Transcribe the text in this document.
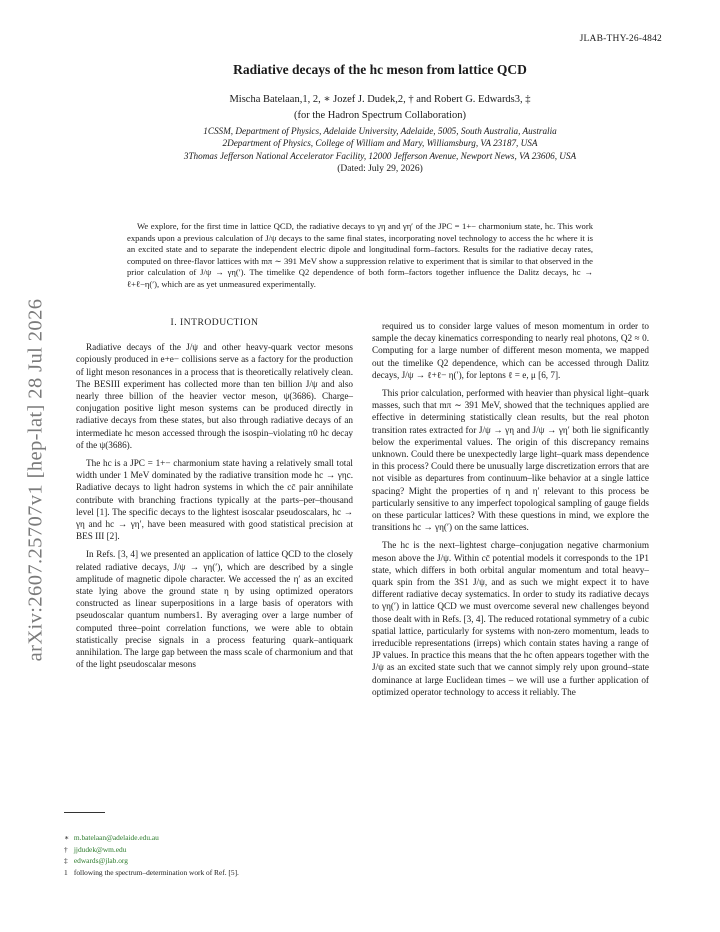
JLAB-THY-26-4842
arXiv:2607.25707v1 [hep-lat] 28 Jul 2026
Radiative decays of the hc meson from lattice QCD
Mischa Batelaan,1, 2, ∗ Jozef J. Dudek,2, † and Robert G. Edwards3, ‡
(for the Hadron Spectrum Collaboration)
1CSSM, Department of Physics, Adelaide University, Adelaide, 5005, South Australia, Australia
2Department of Physics, College of William and Mary, Williamsburg, VA 23187, USA
3Thomas Jefferson National Accelerator Facility, 12000 Jefferson Avenue, Newport News, VA 23606, USA
(Dated: July 29, 2026)
We explore, for the first time in lattice QCD, the radiative decays to γη and γη′ of the JPC = 1+− charmonium state, hc. This work expands upon a previous calculation of J/ψ decays to the same final states, incorporating novel technology to access the hc where it is an excited state and to separate the independent electric dipole and longitudinal form–factors. Results for the radiative decay rates, computed on three-flavor lattices with mπ ∼ 391 MeV show a suppression relative to experiment that is similar to that observed in the prior calculation of J/ψ → γη(′). The timelike Q2 dependence of both form–factors together influence the Dalitz decays, hc → ℓ+ℓ−η(′), which are as yet unmeasured experimentally.

I. INTRODUCTION

Radiative decays of the J/ψ and other heavy-quark vector mesons copiously produced in e+e− collisions serve as a factory for the production of light meson resonances in a process that is theoretically relatively clean. The BESIII experiment has collected more than ten billion J/ψ and also nearly three billion of the heavier vector meson, ψ(3686). Charge–conjugation positive light meson systems can be produced directly in radiative decays from these states, but also through radiative decays of an intermediate hc meson accessed through the isospin–violating π0 hc decay of the ψ(3686).

The hc is a JPC = 1+− charmonium state having a relatively small total width under 1 MeV dominated by the radiative transition mode hc → γηc. Radiative decays to light hadron systems in which the cc̄ pair annihilate contribute with branching fractions typically at the parts–per–thousand level [1]. The specific decays to the lightest isoscalar pseudoscalars, hc → γη and hc → γη′, have been measured with good statistical precision at BES III [2].

In Refs. [3, 4] we presented an application of lattice QCD to the closely related radiative decays, J/ψ → γη(′), which are described by a single amplitude of magnetic dipole character. We accessed the η′ as an excited state lying above the ground state η by using optimized operators constructed as linear superpositions in a large basis of operators with pseudoscalar quantum numbers1. By averaging over a large number of computed three–point correlation functions, we were able to obtain statistically precise signals in a process featuring quark–antiquark annihilation. The large gap between the mass scale of charmonium and that of the light pseudoscalar mesons

required us to consider large values of meson momentum in order to sample the decay kinematics corresponding to nearly real photons, Q2 ≈ 0. Computing for a large number of different meson momenta, we mapped out the timelike Q2 dependence, which can be accessed through Dalitz decays, J/ψ → ℓ+ℓ− η(′), for leptons ℓ = e, μ [6, 7].

This prior calculation, performed with heavier than physical light–quark masses, such that mπ ∼ 391 MeV, showed that the techniques applied are effective in determining statistically clean results, but the real photon transition rates extracted for J/ψ → γη and J/ψ → γη′ both lie significantly below the experimental values. The origin of this discrepancy remains unknown. Could there be unexpectedly large light–quark mass dependence in this process? Could there be unusually large discretization errors that are not visible as departures from continuum–like behavior at a single lattice spacing? Might the properties of η and η′ relevant to this process be particularly sensitive to any imperfect topological sampling of gauge fields on these particular lattices? With these questions in mind, we explore the transitions hc → γη(′) on the same lattices.

The hc is the next–lightest charge–conjugation negative charmonium meson above the J/ψ. Within cc̄ potential models it corresponds to the 1P1 state, which differs in both orbital angular momentum and total heavy–quark spin from the 3S1 J/ψ, and as such we might expect it to have different radiative decay systematics. In order to study its radiative decays to γη(′) in lattice QCD we must overcome several new challenges beyond those dealt with in Refs. [3, 4]. The reduced rotational symmetry of a cubic spatial lattice, particularly for systems with non-zero momentum, leads to irreducible representations (irreps) which contain states having a range of JP values. In practice this means that the hc often appears together with the J/ψ as an excited state such that we cannot simply rely upon ground–state dominance at large Euclidean times – we will use a further application of optimized operator technology to access it reliably. The

∗ m.batelaan@adelaide.edu.au
† jjdudek@wm.edu
‡ edwards@jlab.org
1 following the spectrum–determination work of Ref. [5].
